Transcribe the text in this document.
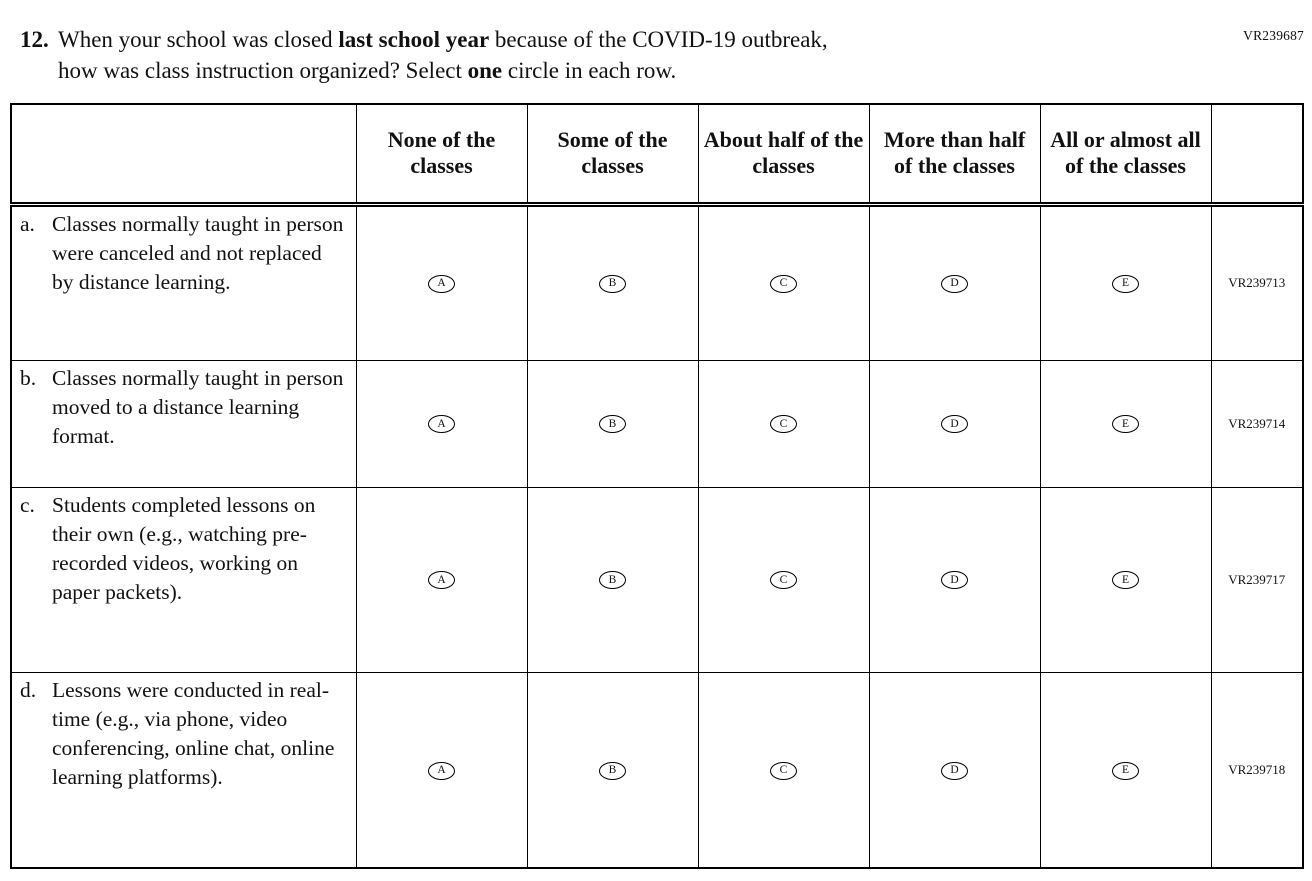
VR239687
12. When your school was closed last school year because of the COVID-19 outbreak,
how was class instruction organized? Select one circle in each row.
	None of the classes	Some of the classes	About half of the classes	More than half of the classes	All or almost all of the classes	

a. Classes normally taught in person were canceled and not replaced by distance learning.	A	B	C	D	E	VR239713

b. Classes normally taught in person moved to a distance learning format.	A	B	C	D	E	VR239714

c. Students completed lessons on their own (e.g., watching pre-recorded videos, working on paper packets).	A	B	C	D	E	VR239717

d. Lessons were conducted in real-time (e.g., via phone, video conferencing, online chat, online learning platforms).	A	B	C	D	E	VR239718
